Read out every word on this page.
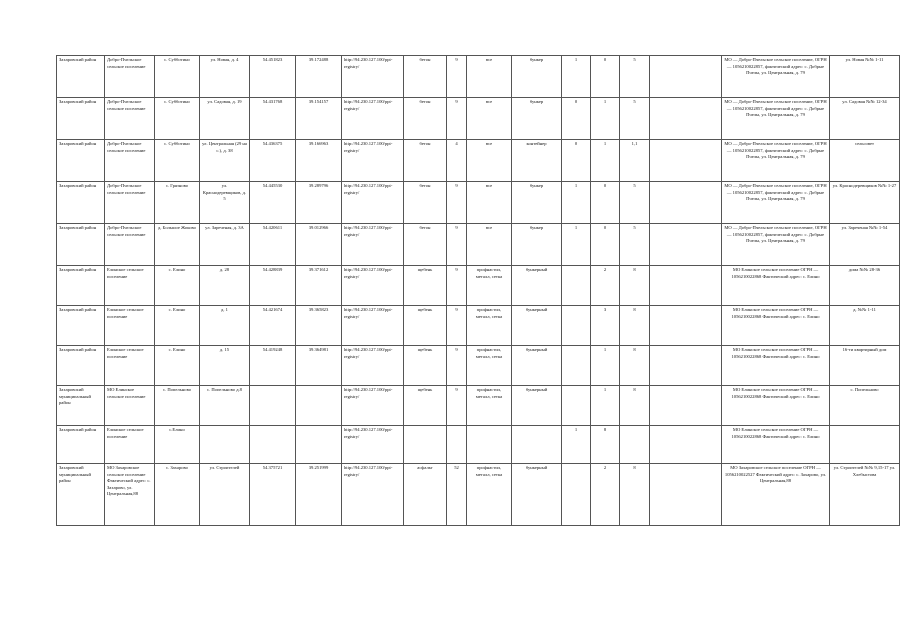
Захаровский район	Добро-Пчельское сельское поселение	с. Субботино	ул. Новая, д. 4	54.451823	39.172488	http://94.230.127.100/ppt-registry/	бетон	9	все	бункер	1	0	5		МО — Добро-Пчельское сельское поселение, ОГРН — 1056210022857, фактический адрес: с. Добрые Пчелы, ул. Центральная, д. 79	ул. Новая №№ 1-11
Захаровский район	Добро-Пчельское сельское поселение	с. Субботино	ул. Садовая, д. 19	54.431768	39.154157	http://94.230.127.100/ppt-registry/	бетон	9	все	бункер	0	1	5		МО — Добро-Пчельское сельское поселение, ОГРН — 1056210022857, фактический адрес: с. Добрые Пчелы, ул. Центральная, д. 79	ул. Садовая №№ 12-34
Захаровский район	Добро-Пчельское сельское поселение	с. Субботино	ул. Центральная (29 на с.), д. 38	54.436375	39.166963	http://94.230.127.100/ppt-registry/	бетон	4	все	контейнер	0	1	1,1		МО — Добро-Пчельское сельское поселение, ОГРН — 1056210022857, фактический адрес: с. Добрые Пчелы, ул. Центральная, д. 79	сельсовет
Захаровский район	Добро-Пчельское сельское поселение	с. Грязново	ул. Краснодеревщиков, д. 5	54.445530	39.289796	http://94.230.127.100/ppt-registry/	бетон	9	все	бункер	1	0	5		МО — Добро-Пчельское сельское поселение, ОГРН — 1056210022857, фактический адрес: с. Добрые Пчелы, ул. Центральная, д. 79	ул. Краснодеревщиков №№ 1-27
Захаровский район	Добро-Пчельское сельское поселение	д. Большое Жоково	ул. Зареченая, д. 3А	54.420611	39.012966	http://94.230.127.100/ppt-registry/	бетон	9	все	бункер	1	0	5		МО — Добро-Пчельское сельское поселение, ОГРН — 1056210022857, фактический адрес: с. Добрые Пчелы, ул. Центральная, д. 79	ул. Зареченая №№ 1-54
Захаровский район	Елинское сельское поселение	с. Елино	д. 28	54.428839	39.371612	http://94.230.127.100/ppt-registry/	щебень	9	профнастил, металл, сетка	бункерный		2	8		МО Елинское сельское поселение ОГРН — 1056210022868 Фактический адрес: с. Елино	дома №№ 28-36
Захаровский район	Елинское сельское поселение	с. Елино	д. 1	54.421674	39.365823	http://94.230.127.100/ppt-registry/	щебень	9	профнастил, металл, сетка	бункерный		3	8		МО Елинское сельское поселение ОГРН — 1056210022868 Фактический адрес: с. Елино	д. №№ 1-11
Захаровский район	Елинское сельское поселение	с. Елино	д. 15	54.419248	39.364981	http://94.230.127.100/ppt-registry/	щебень	9	профнастил, металл, сетка	бункерный		1	8		МО Елинское сельское поселение ОГРН — 1056210022868 Фактический адрес: с. Елино	16-ти квартирный дом
Захаровский муниципальный район	МО Елинское сельское поселение	с. Попельново	с. Попельново д.8			http://94.230.127.100/ppt-registry/	щебень	9	профнастил, металл, сетка	бункерный		1	8		МО Елинское сельское поселение ОГРН — 1056210022868 Фактический адрес: с. Елино	с. Попельново
Захаровский район	Елинское сельское поселение	с.Елино				http://94.230.127.100/ppt-registry/					1	8			МО Елинское сельское поселение ОГРН — 1056210022868 Фактический адрес: с. Елино	
Захаровский муниципальный район	МО Захаровское сельское поселение Фактический адрес: с. Захарово, ул. Центральная,88	с. Захарово	ул. Строителей	54.375721	39.251999	http://94.230.127.100/ppt-registry/	асфальт	52	профнастил, металл, сетка	бункерный		2	8		МО Захаровское сельское поселение ОГРН — 1056210022527 Фактический адрес: с. Захарово, ул. Центральная,88	ул. Строителей №№ 9,15-17 ул. Хлебыстова
